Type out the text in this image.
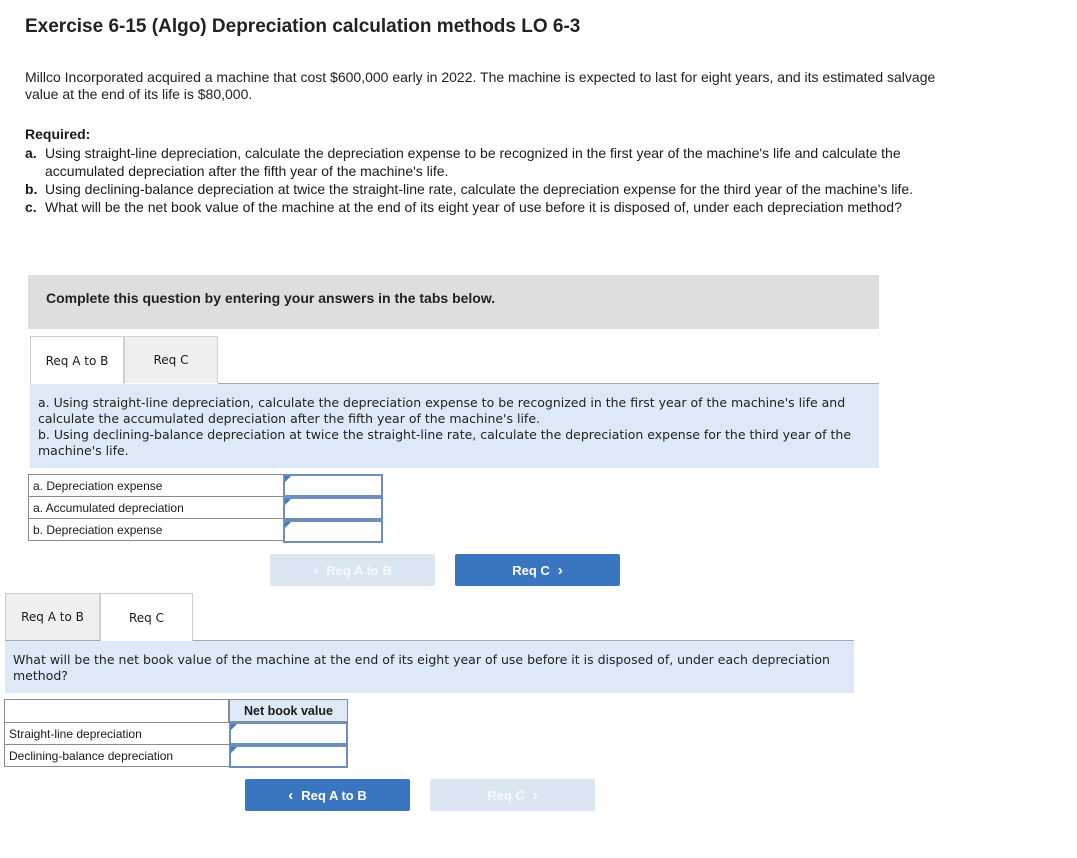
Exercise 6-15 (Algo) Depreciation calculation methods LO 6-3
Millco Incorporated acquired a machine that cost $600,000 early in 2022. The machine is expected to last for eight years, and its estimated salvage value at the end of its life is $80,000.
Required:
a. Using straight-line depreciation, calculate the depreciation expense to be recognized in the first year of the machine's life and calculate the accumulated depreciation after the fifth year of the machine's life.
b. Using declining-balance depreciation at twice the straight-line rate, calculate the depreciation expense for the third year of the machine's life.
c. What will be the net book value of the machine at the end of its eight year of use before it is disposed of, under each depreciation method?
Complete this question by entering your answers in the tabs below.
Req A to B	Req C
a. Using straight-line depreciation, calculate the depreciation expense to be recognized in the first year of the machine's life and calculate the accumulated depreciation after the fifth year of the machine's life.
b. Using declining-balance depreciation at twice the straight-line rate, calculate the depreciation expense for the third year of the machine's life.
a. Depreciation expense
a. Accumulated depreciation
b. Depreciation expense
‹ Req A to B	Req C ›
Req A to B	Req C
What will be the net book value of the machine at the end of its eight year of use before it is disposed of, under each depreciation method?
Net book value
Straight-line depreciation
Declining-balance depreciation
‹ Req A to B	Req C ›
